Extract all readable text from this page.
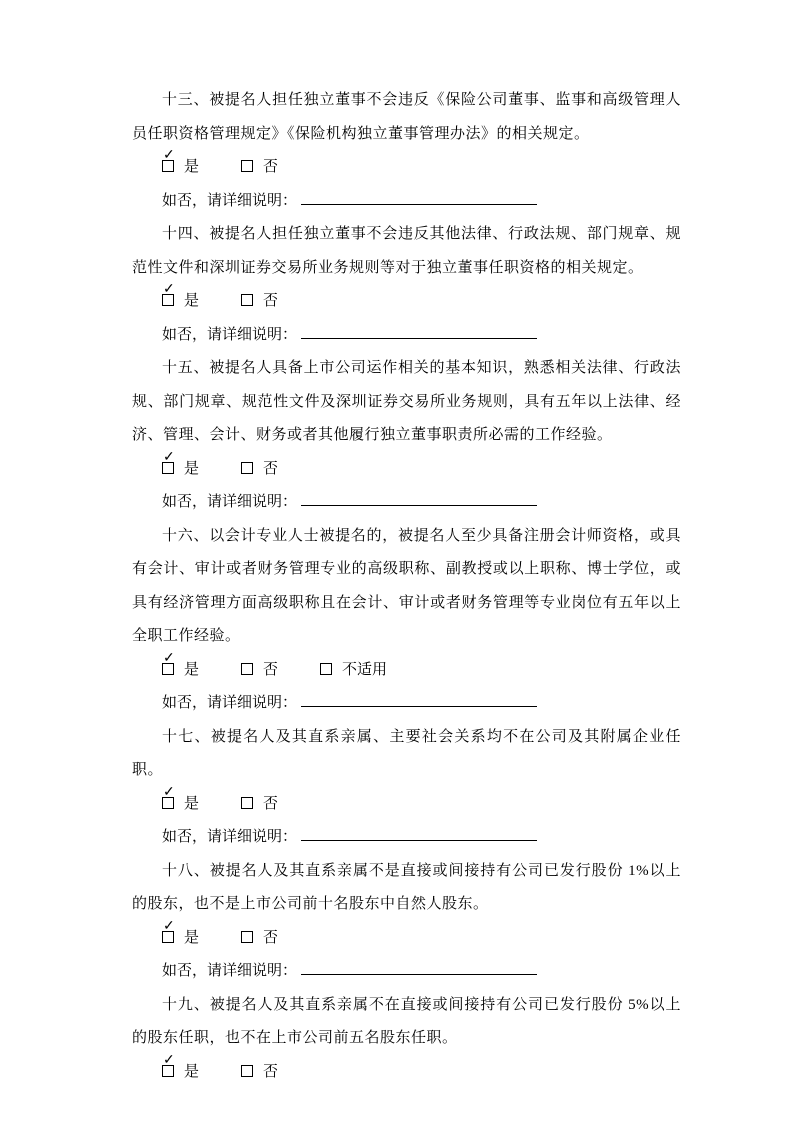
十三、被提名人担任独立董事不会违反《保险公司董事、监事和高级管理人员任职资格管理规定》《保险机构独立董事管理办法》的相关规定。

✓是	否
如否，请详细说明：

十四、被提名人担任独立董事不会违反其他法律、行政法规、部门规章、规范性文件和深圳证券交易所业务规则等对于独立董事任职资格的相关规定。

✓是	否
如否，请详细说明：

十五、被提名人具备上市公司运作相关的基本知识，熟悉相关法律、行政法规、部门规章、规范性文件及深圳证券交易所业务规则，具有五年以上法律、经济、管理、会计、财务或者其他履行独立董事职责所必需的工作经验。

✓是	否
如否，请详细说明：

十六、以会计专业人士被提名的，被提名人至少具备注册会计师资格，或具有会计、审计或者财务管理专业的高级职称、副教授或以上职称、博士学位，或具有经济管理方面高级职称且在会计、审计或者财务管理等专业岗位有五年以上全职工作经验。

✓是	否	不适用
如否，请详细说明：

十七、被提名人及其直系亲属、主要社会关系均不在公司及其附属企业任职。

✓是	否
如否，请详细说明：

十八、被提名人及其直系亲属不是直接或间接持有公司已发行股份 1%以上的股东，也不是上市公司前十名股东中自然人股东。

✓是	否
如否，请详细说明：

十九、被提名人及其直系亲属不在直接或间接持有公司已发行股份 5%以上的股东任职，也不在上市公司前五名股东任职。

✓是	否
